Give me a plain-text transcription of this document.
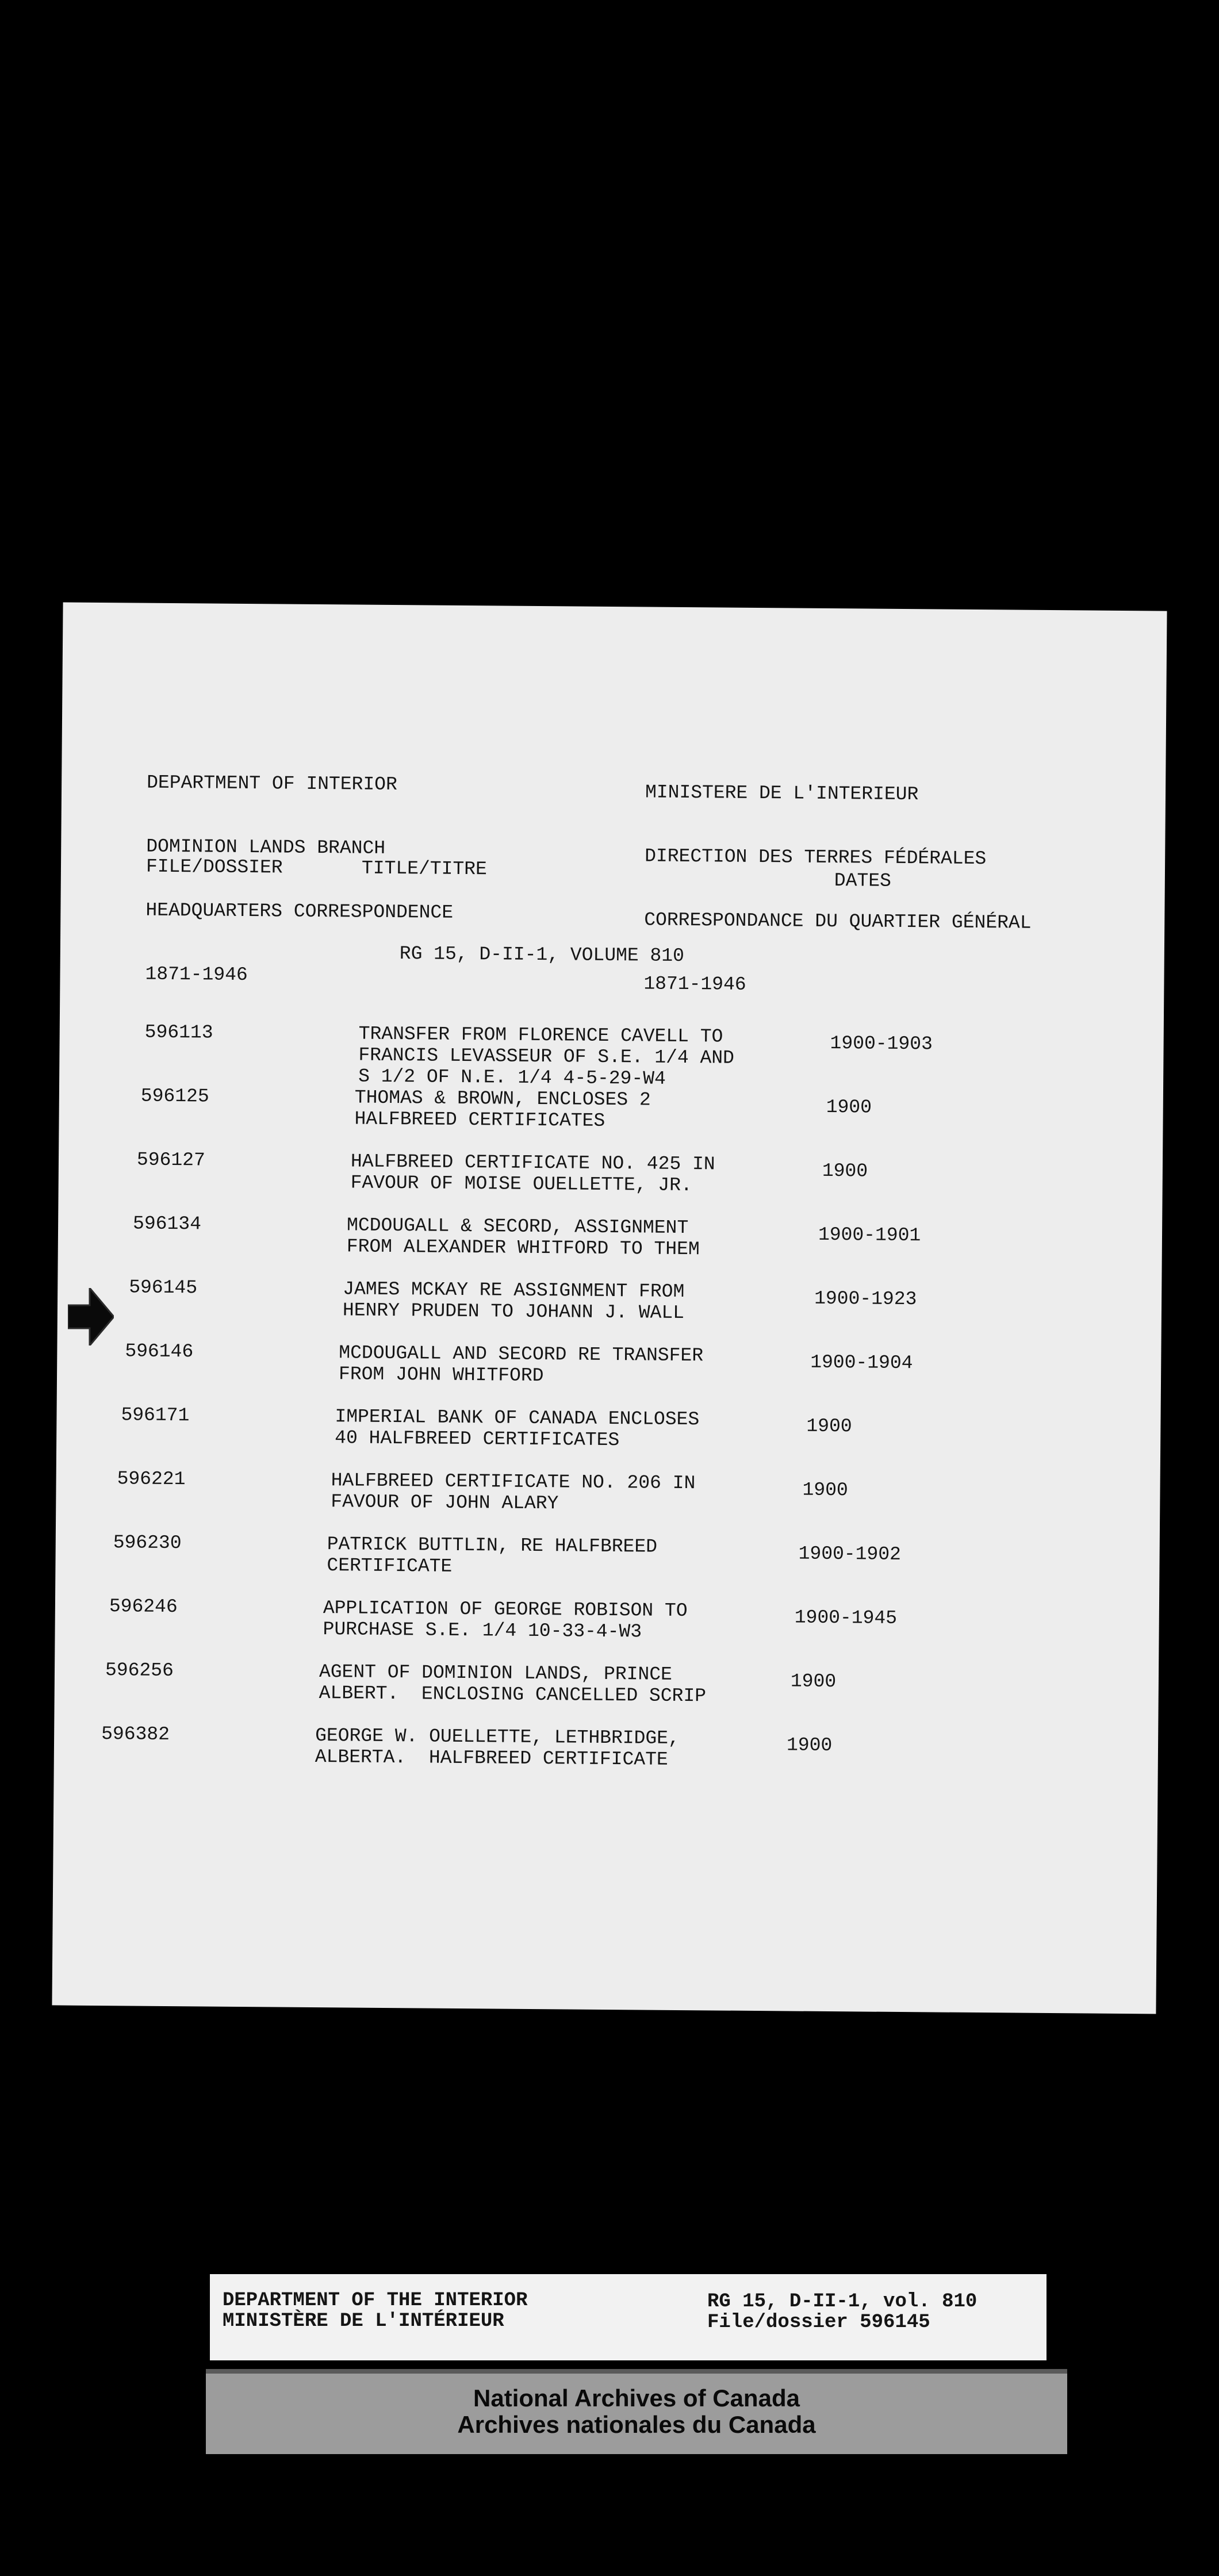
DEPARTMENT OF INTERIOR

DOMINION LANDS BRANCH

HEADQUARTERS CORRESPONDENCE

1871-1946

MINISTERE DE L'INTERIEUR

DIRECTION DES TERRES FÉDÉRALES

CORRESPONDANCE DU QUARTIER GÉNÉRAL

1871-1946

FILE/DOSSIER	TITLE/TITRE
DATES
RG 15, D-II-1, VOLUME 810
596113	TRANSFER FROM FLORENCE CAVELL TO
FRANCIS LEVASSEUR OF S.E. 1/4 AND
S 1/2 OF N.E. 1/4 4-5-29-W4
1900-1903
596125	THOMAS & BROWN, ENCLOSES 2
HALFBREED CERTIFICATES
1900
596127	HALFBREED CERTIFICATE NO. 425 IN
FAVOUR OF MOISE OUELLETTE, JR.
1900
596134	MCDOUGALL & SECORD, ASSIGNMENT
FROM ALEXANDER WHITFORD TO THEM
1900-1901
596145	JAMES MCKAY RE ASSIGNMENT FROM
HENRY PRUDEN TO JOHANN J. WALL
1900-1923
596146	MCDOUGALL AND SECORD RE TRANSFER
FROM JOHN WHITFORD
1900-1904
596171	IMPERIAL BANK OF CANADA ENCLOSES
40 HALFBREED CERTIFICATES
1900
596221	HALFBREED CERTIFICATE NO. 206 IN
FAVOUR OF JOHN ALARY
1900
596230	PATRICK BUTTLIN, RE HALFBREED
CERTIFICATE
1900-1902
596246	APPLICATION OF GEORGE ROBISON TO
PURCHASE S.E. 1/4 10-33-4-W3
1900-1945
596256	AGENT OF DOMINION LANDS, PRINCE
ALBERT.  ENCLOSING CANCELLED SCRIP
1900
596382	GEORGE W. OUELLETTE, LETHBRIDGE,
ALBERTA.  HALFBREED CERTIFICATE
1900
DEPARTMENT OF THE INTERIOR
MINISTÈRE DE L'INTÉRIEUR
RG 15, D-II-1, vol. 810
File/dossier 596145
National Archives of Canada
Archives nationales du Canada
